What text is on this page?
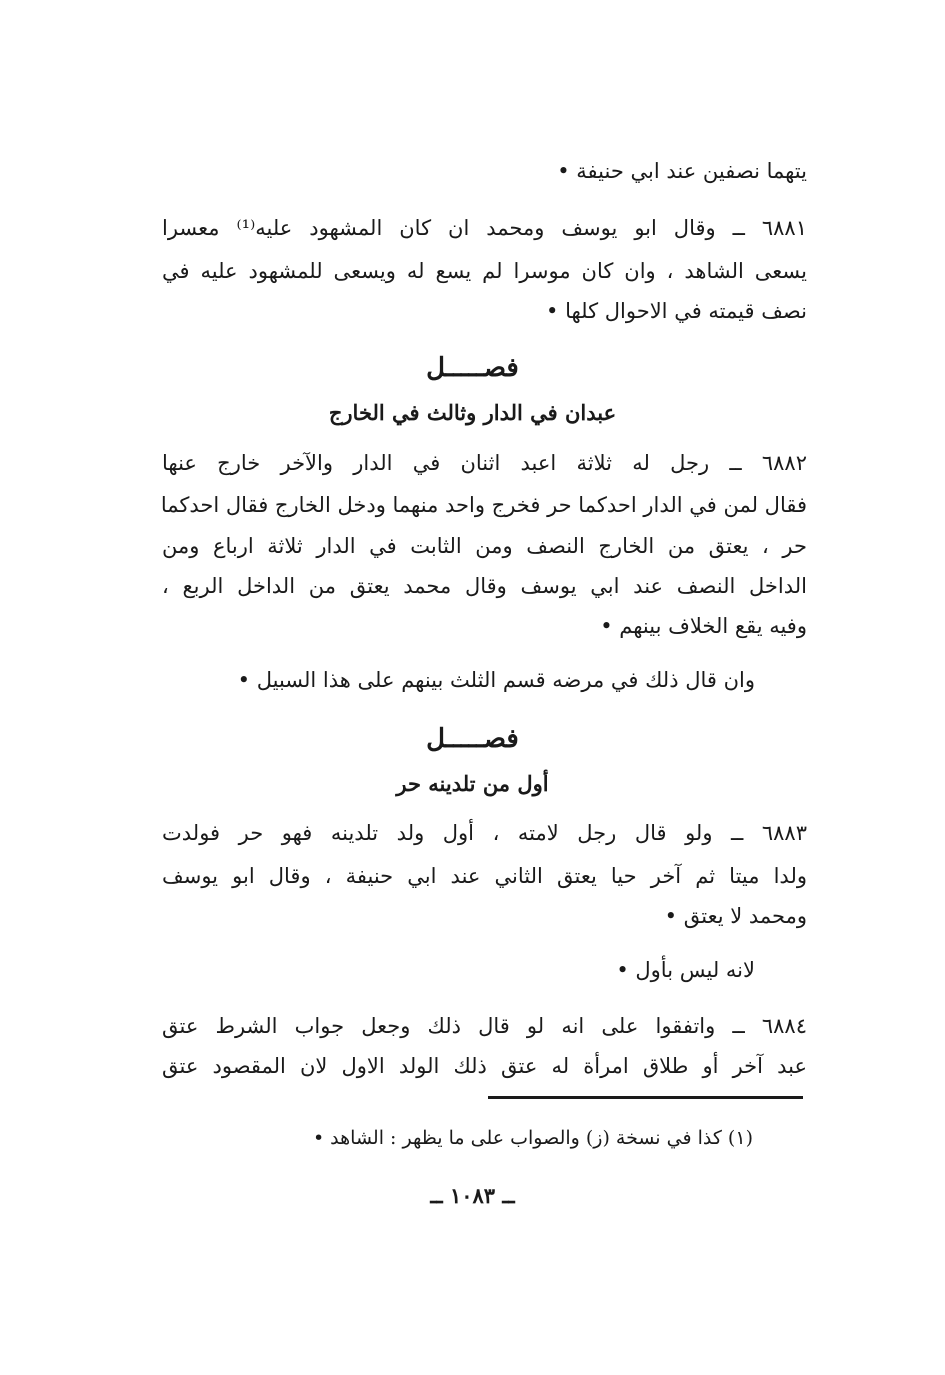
يتهما نصفين عند ابي حنيفة •
٦٨٨١ ــ وقال ابو يوسف ومحمد ان كان المشهود عليه⁽¹⁾ معسرا
يسعى الشاهد ، وان كان موسرا لم يسع له ويسعى للمشهود عليه في
نصف قيمته في الاحوال كلها •
فصـــــل
عبدان في الدار وثالث في الخارج
٦٨٨٢ ــ رجل له ثلاثة اعبد اثنان في الدار والآخر خارج عنها
فقال لمن في الدار احدكما حر فخرج واحد منهما ودخل الخارج فقال احدكما
حر ، يعتق من الخارج النصف ومن الثابت في الدار ثلاثة ارباع ومن
الداخل النصف عند ابي يوسف وقال محمد يعتق من الداخل الربع ،
وفيه يقع الخلاف بينهم •
وان قال ذلك في مرضه قسم الثلث بينهم على هذا السبيل •
فصـــــل
أول من تلدينه حر
٦٨٨٣ ــ ولو قال رجل لامته ، أول ولد تلدينه فهو حر فولدت
ولدا ميتا ثم آخر حيا يعتق الثاني عند ابي حنيفة ، وقال ابو يوسف
ومحمد لا يعتق •
لانه ليس بأول •
٦٨٨٤ ــ واتفقوا على انه لو قال ذلك وجعل جواب الشرط عتق
عبد آخر أو طلاق امرأة له عتق ذلك الولد الاول لان المقصود عتق
(١) كذا في نسخة (ز) والصواب على ما يظهر : الشاهد •
ــ ١٠٨٣ ــ
